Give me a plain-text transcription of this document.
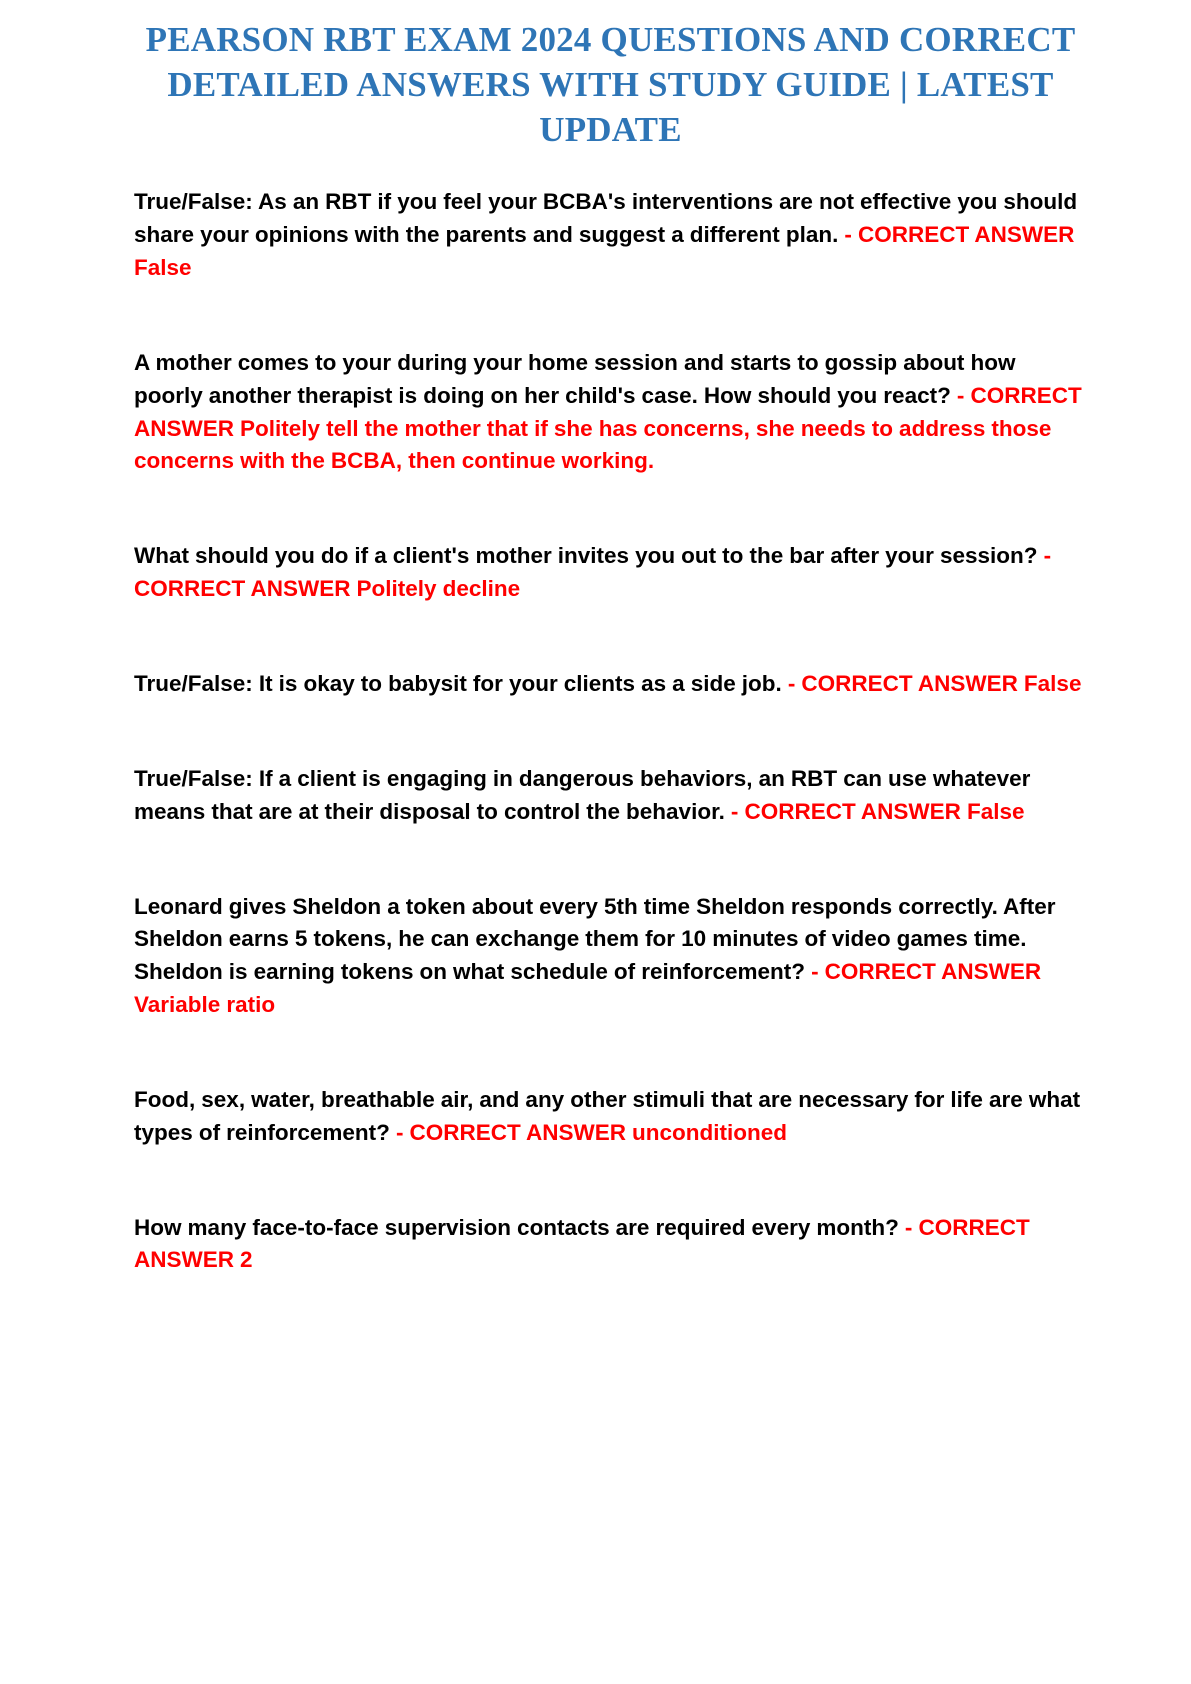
PEARSON RBT EXAM 2024 QUESTIONS AND CORRECT DETAILED ANSWERS WITH STUDY GUIDE | LATEST UPDATE

True/False: As an RBT if you feel your BCBA's interventions are not effective you should share your opinions with the parents and suggest a different plan. - CORRECT ANSWER False

A mother comes to your during your home session and starts to gossip about how poorly another therapist is doing on her child's case. How should you react? - CORRECT ANSWER Politely tell the mother that if she has concerns, she needs to address those concerns with the BCBA, then continue working.

What should you do if a client's mother invites you out to the bar after your session? - CORRECT ANSWER Politely decline

True/False: It is okay to babysit for your clients as a side job. - CORRECT ANSWER False

True/False: If a client is engaging in dangerous behaviors, an RBT can use whatever means that are at their disposal to control the behavior. - CORRECT ANSWER False

Leonard gives Sheldon a token about every 5th time Sheldon responds correctly. After Sheldon earns 5 tokens, he can exchange them for 10 minutes of video games time. Sheldon is earning tokens on what schedule of reinforcement? - CORRECT ANSWER Variable ratio

Food, sex, water, breathable air, and any other stimuli that are necessary for life are what types of reinforcement? - CORRECT ANSWER unconditioned

How many face-to-face supervision contacts are required every month? - CORRECT ANSWER 2
